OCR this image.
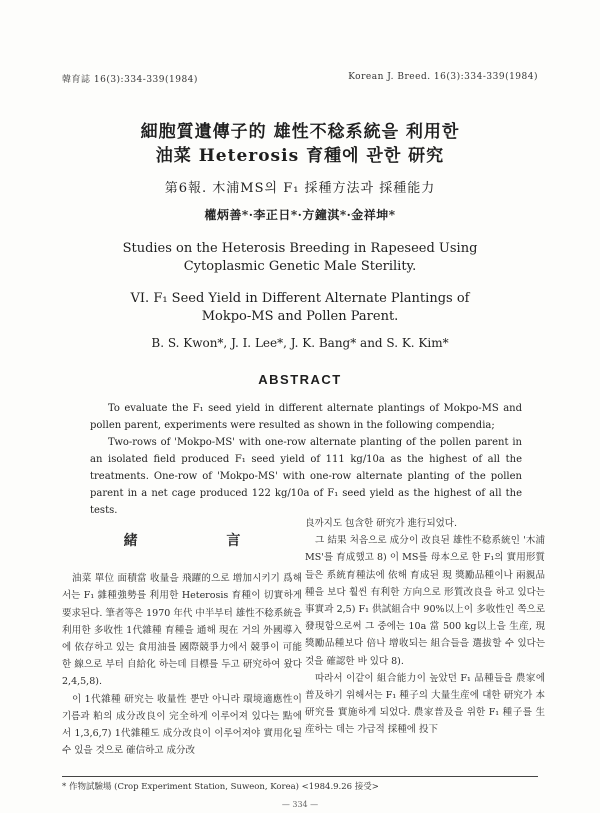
韓育誌 16(3):334-339(1984)	Korean J. Breed. 16(3):334-339(1984)
細胞質遺傳子的 雄性不稔系統을 利用한
油菜 Heterosis 育種에 관한 研究
第6報. 木浦MS의 F₁ 採種方法과 採種能力
權炳善*·李正日*·方鐘淇*·金祥坤*
Studies on the Heterosis Breeding in Rapeseed Using
Cytoplasmic Genetic Male Sterility.
VI. F₁ Seed Yield in Different Alternate Plantings of
Mokpo-MS and Pollen Parent.
B. S. Kwon*, J. I. Lee*, J. K. Bang* and S. K. Kim*
ABSTRACT

To evaluate the F₁ seed yield in different alternate plantings of Mokpo-MS and pollen parent, experiments were resulted as shown in the following compendia;

Two-rows of 'Mokpo-MS' with one-row alternate planting of the pollen parent in an isolated field produced F₁ seed yield of 111 kg/10a as the highest of all the treatments. One-row of 'Mokpo-MS' with one-row alternate planting of the pollen parent in a net cage produced 122 kg/10a of F₁ seed yield as the highest of all the tests.

緒 言

油菜 單位 面積當 收量을 飛躍的으로 增加시키기 爲해서는 F₁ 雜種強勢를 利用한 Heterosis 育種이 切實하게 要求된다. 筆者等은 1970 年代 中半부터 雄性不稔系統을 利用한 多收性 1代雜種 育種을 通해 現在 거의 外國導入에 依存하고 있는 食用油를 國際競爭力에서 競爭이 可能한 線으로 부터 自給化 하는데 目標를 두고 研究하여 왔다 2,4,5,8).

이 1代雜種 研究는 收量性 뿐만 아니라 環境適應性이 기름과 粕의 成分改良이 完全하게 이루어져 있다는 點에서 1,3,6,7) 1代雜種도 成分改良이 이루어져야 實用化될 수 있을 것으로 確信하고 成分改

良까지도 包含한 研究가 進行되었다.

그 結果 처음으로 成分이 改良된 雄性不稔系統인 '木浦 MS'를 育成했고 8) 이 MS를 母本으로 한 F₁의 實用形質들은 系統育種法에 依해 育成된 現 獎勵品種이나 兩親品種을 보다 훨씬 有利한 方向으로 形質改良을 하고 있다는 事實과 2,5) F₁ 供試組合中 90%以上이 多收性인 쪽으로 發現함으로써 그 중에는 10a 當 500 kg以上을 生産, 現 獎勵品種보다 倍나 增收되는 組合들을 選拔할 수 있다는 것을 確認한 바 있다 8).

따라서 이같이 組合能力이 높았던 F₁ 品種들을 農家에 普及하기 위해서는 F₁ 種子의 大量生産에 대한 研究가 本 研究를 實施하게 되었다. 農家普及을 위한 F₁ 種子를 生産하는 데는 가급적 採種에 投下

* 作物試驗場 (Crop Experiment Station, Suweon, Korea) <1984.9.26 接受>
— 334 —
